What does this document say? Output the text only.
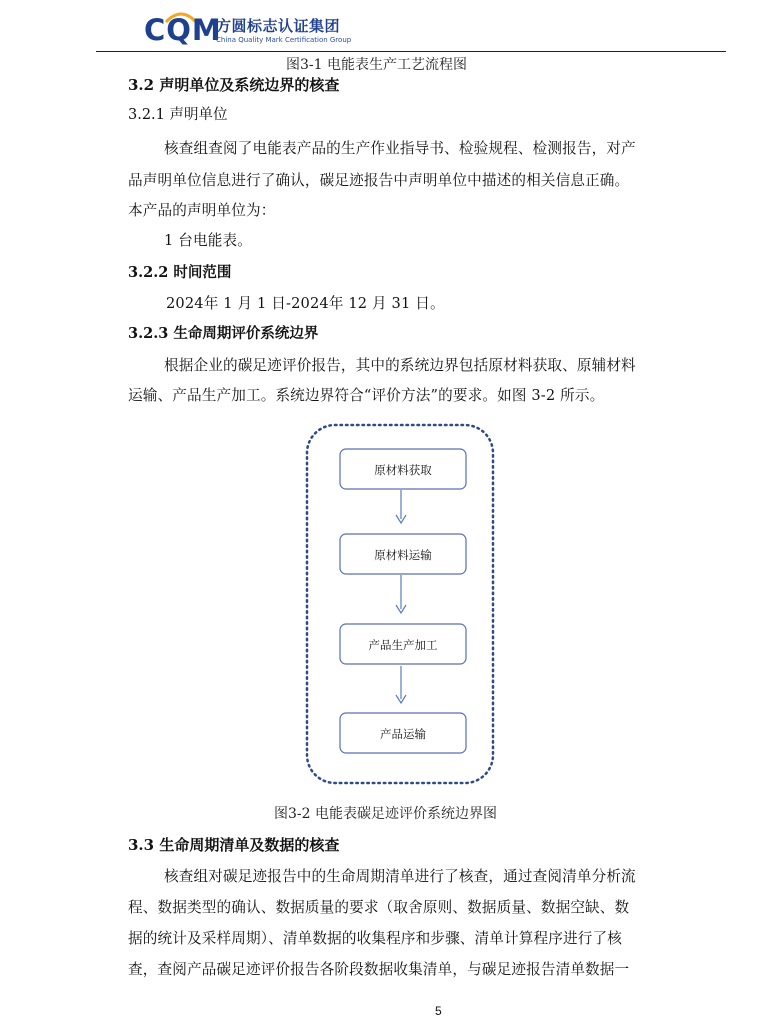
CQM
方圆标志认证集团
China Quality Mark Certification Group
图3-1 电能表生产工艺流程图
3.2 声明单位及系统边界的核查
3.2.1 声明单位
核查组查阅了电能表产品的生产作业指导书、检验规程、检测报告，对产
品声明单位信息进行了确认，碳足迹报告中声明单位中描述的相关信息正确。
本产品的声明单位为：
1 台电能表。
3.2.2 时间范围
2024年 1 月 1 日-2024年 12 月 31 日。
3.2.3 生命周期评价系统边界
根据企业的碳足迹评价报告，其中的系统边界包括原材料获取、原辅材料
运输、产品生产加工。系统边界符合“评价方法”的要求。如图 3-2 所示。
原材料获取
原材料运输
产品生产加工
产品运输
图3-2 电能表碳足迹评价系统边界图
3.3 生命周期清单及数据的核查
核查组对碳足迹报告中的生命周期清单进行了核查，通过查阅清单分析流
程、数据类型的确认、数据质量的要求（取舍原则、数据质量、数据空缺、数
据的统计及采样周期）、清单数据的收集程序和步骤、清单计算程序进行了核
查，查阅产品碳足迹评价报告各阶段数据收集清单，与碳足迹报告清单数据一
5
